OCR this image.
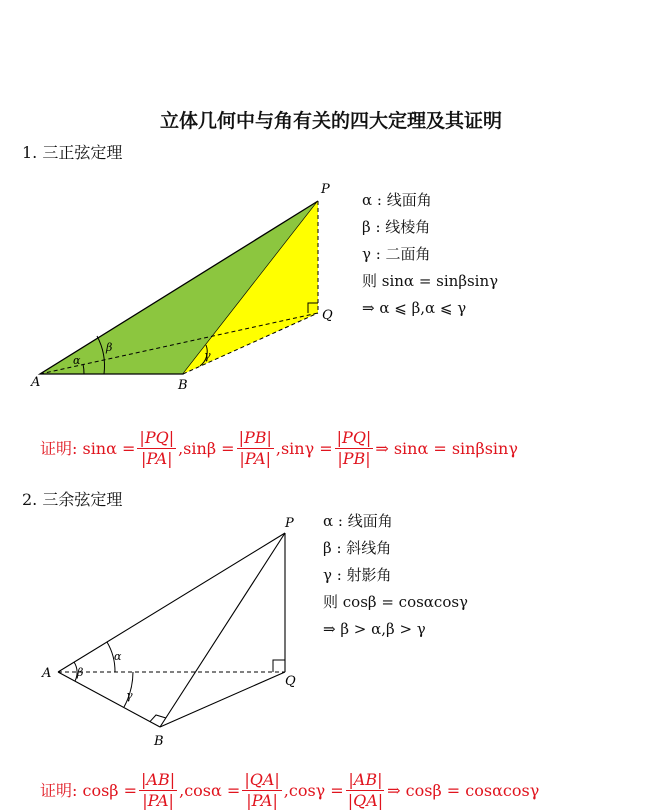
立体几何中与角有关的四大定理及其证明
1. 三正弦定理
P
Q
A	B
α
β
γ
α : 线面角
β : 线棱角
γ : 二面角
则 sinα = sinβsinγ
⇒ α ⩽ β,α ⩽ γ
证明: $\sin\alpha = \frac{|PQ|}{|PA|} ,\sin\beta = \frac{|PB|}{|PA|} ,\sin\gamma = \frac{|PQ|}{|PB|}$ ⇒ sinα = sinβsinγ
2. 三余弦定理
P
Q
A
B
α
β
γ
α : 线面角
β : 斜线角
γ : 射影角
则 cosβ = cosαcosγ
⇒ β > α,β > γ
证明: $\cos\beta = \frac{|AB|}{|PA|} ,\cos\alpha = \frac{|QA|}{|PA|} ,\cos\gamma = \frac{|AB|}{|QA|}$ ⇒ cosβ = cosαcosγ
